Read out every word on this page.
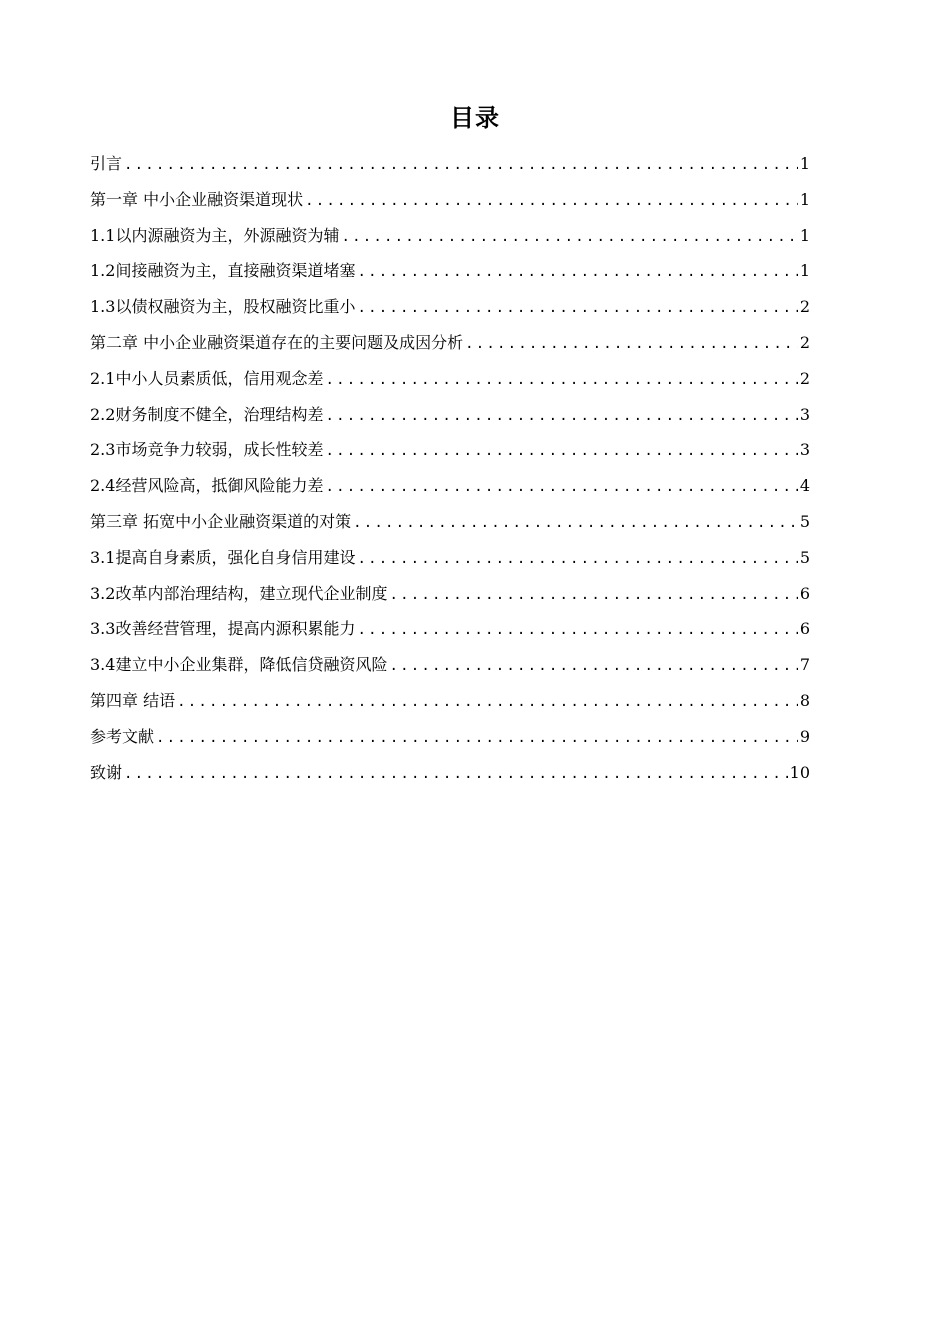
目录
引言 .....	1
第一章 中小企业融资渠道现状 .....	1
1.1以内源融资为主，外源融资为辅 .....	1
1.2间接融资为主，直接融资渠道堵塞 .....	1
1.3以债权融资为主，股权融资比重小 .....	2
第二章 中小企业融资渠道存在的主要问题及成因分析 .....	2
2.1中小人员素质低，信用观念差 .....	2
2.2财务制度不健全，治理结构差 .....	3
2.3市场竞争力较弱，成长性较差 .....	3
2.4经营风险高，抵御风险能力差 .....	4
第三章 拓宽中小企业融资渠道的对策 .....	5
3.1提高自身素质，强化自身信用建设 .....	5
3.2改革内部治理结构，建立现代企业制度 .....	6
3.3改善经营管理，提高内源积累能力 .....	6
3.4建立中小企业集群，降低信贷融资风险 .....	7
第四章 结语 .....	8
参考文献 .....	9
致谢 .....	10
